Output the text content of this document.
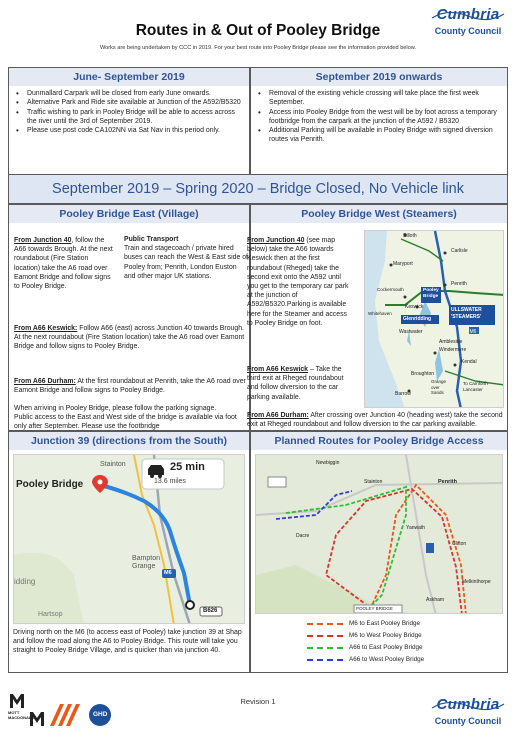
Routes in & Out of Pooley Bridge
Works are being undertaken by CCC in 2019. For your best route into Pooley Bridge please see the information provided below.
Cumbria
County Council
June- September 2019
• Dunmallard Carpark will be closed from early June onwards.
• Alternative Park and Ride site available at Junction of the A592/B5320
• Traffic wishing to park in Pooley Bridge will be able to access across the river until the 3rd of September 2019.
• Please use post code CA102NN via Sat Nav in this period only.
September 2019 onwards
• Removal of the existing vehicle crossing will take place the first week September.
• Access into Pooley Bridge from the west will be by foot across a temporary footbridge from the carpark at the junction of the A592 / B5320
• Additional Parking will be available in Pooley Bridge with signed diversion routes via Penrith.
September 2019 – Spring 2020 – Bridge Closed, No Vehicle link
Pooley Bridge East (Village)
From Junction 40, follow the A66 towards Brough. At the next roundabout (Fire Station location) take the A6 road over Eamont Bridge and follow signs to Pooley Bridge.
Public Transport
Train and stagecoach / private hired buses can reach the West & East side of Pooley from; Penrith, London Euston and other major UK stations.
From A66 Keswick: Follow A66 (east) across Junction 40 towards Brough. At the next roundabout (Fire Station location) take the A6 road over Eamont Bridge and follow signs to Pooley Bridge.
From A66 Durham: At the first roundabout at Penrith, take the A6 road over Eamont Bridge and follow signs to Pooley Bridge.
When arriving in Pooley Bridge, please follow the parking signage.
Public access to the East and West side of the bridge is available via foot only after September. Please use the footbridge
Pooley Bridge West (Steamers)
From Junction 40 (see map below) take the A66 towards Keswick then at the first roundabout (Rheged) take the second exit onto the A592 until you get to the temporary car park at the junction of A592/B5320.Parking is available here for the Steamer and access to Pooley Bridge on foot.
From A66 Keswick – Take the third exit at Rheged roundabout and follow diversion to the car parking available.
From A66 Durham: After crossing over Junction 40 (heading west) take the second exit at Rheged roundabout and follow diversion to the car parking available.
M6
Silloth
Carlisle
Maryport
Penrith
Cockermouth
Keswick
Whitehaven
Glenridding
Pooley
Bridge
ULLSWATER
'STEAMERS'
Wastwater
Ambleside
Windermere
Kendal
Broughton
Barrow
Grange
over
Sands
To Carnforth
Lancaster
Junction 39 (directions from the South)
25 min
13.6 miles
Pooley Bridge
Stainton
Bampton
Grange
Hartsop
idding
M6
B626
Driving north on the M6 (to access east of Pooley) take junction 39 at Shap and follow the road along the A6 to Pooley Bridge. This route will take you straight to Pooley Bridge Village, and is quicker than via junction 40.
Planned Routes for Pooley Bridge Access
Newbiggin
Stainton	Penrith
Dacre
POOLEY BRIDGE
Clifton
Askham
Yanwath
Melkinthorpe
M6 to East Pooley Bridge
M6 to West Pooley Bridge
A66 to East Pooley Bridge
A66 to West Pooley Bridge
Revision 1
MOTT
MACDONALD	GHD
Cumbria
County Council
